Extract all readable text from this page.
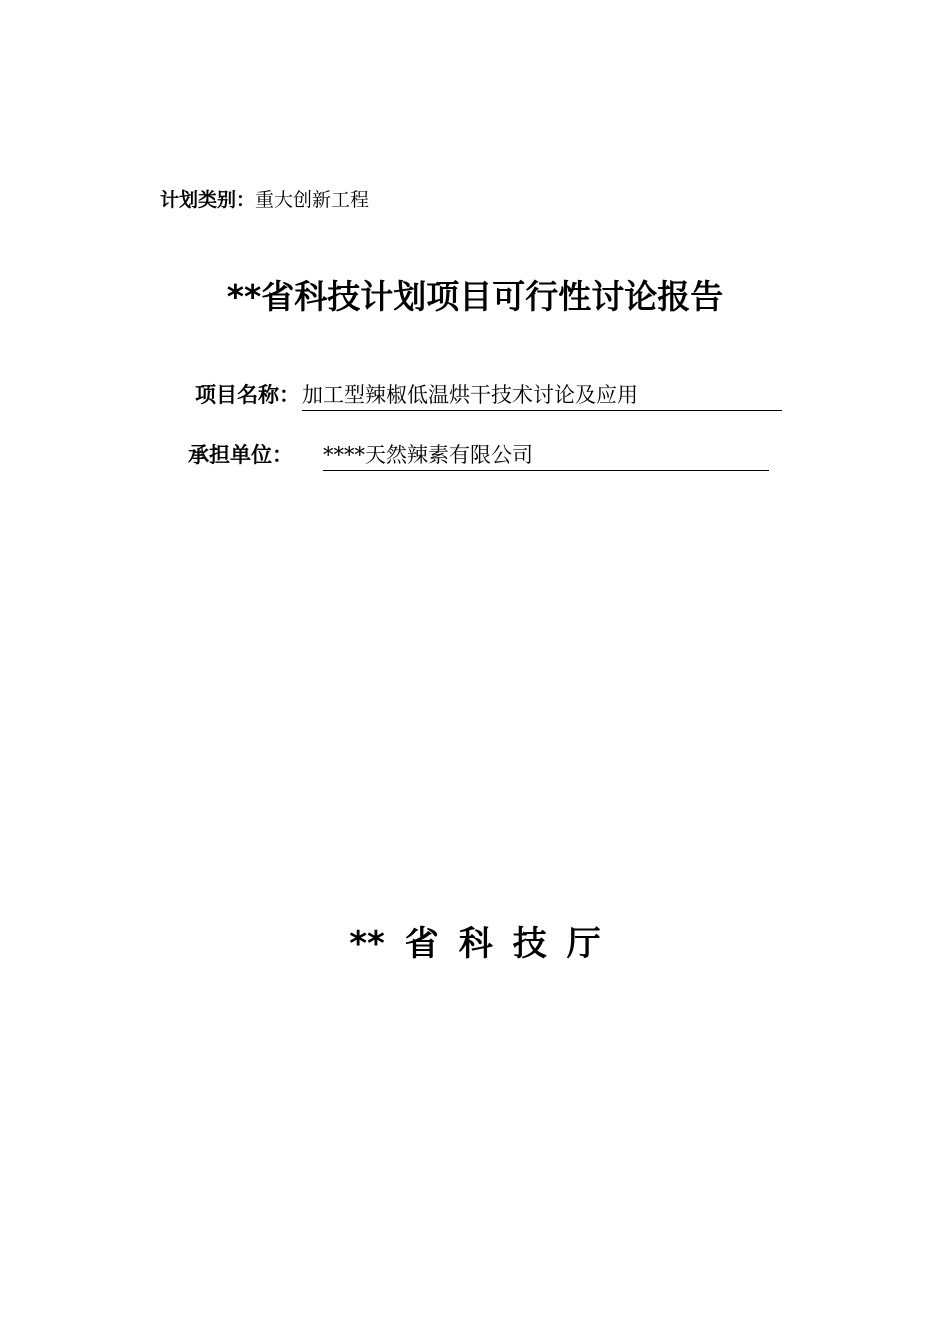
计划类别：重大创新工程
**省科技计划项目可行性讨论报告
项目名称：加工型辣椒低温烘干技术讨论及应用
承担单位： ****天然辣素有限公司
** 省 科 技 厅
